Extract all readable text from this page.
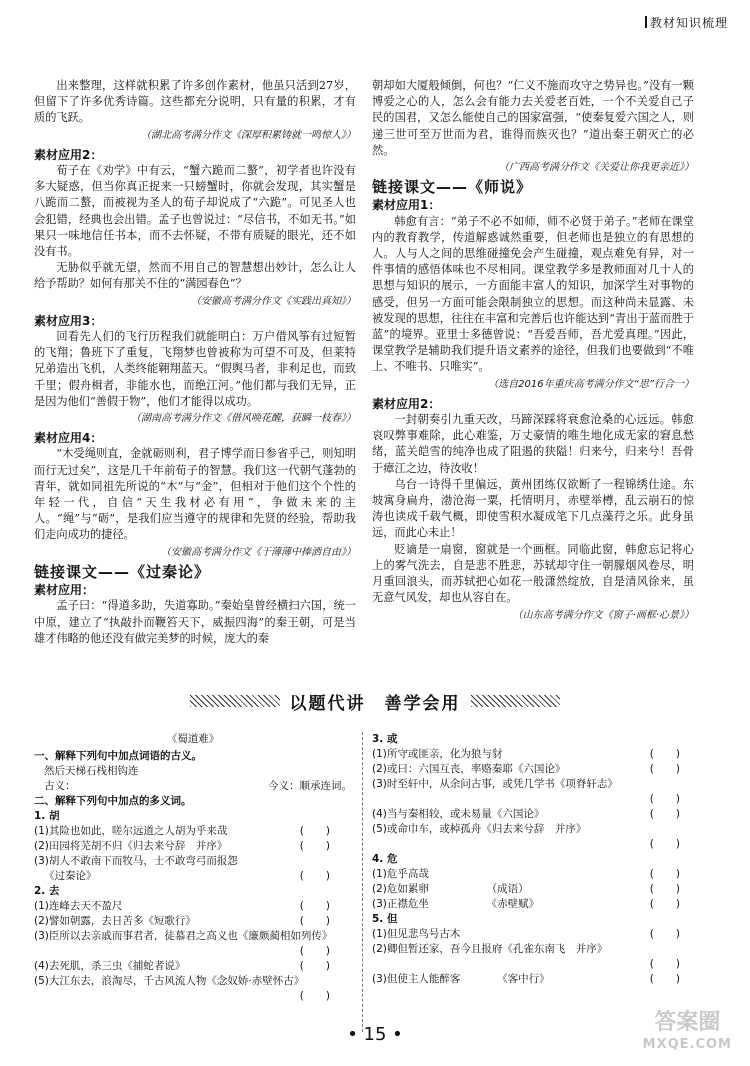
教材知识梳理

出来整理，这样就积累了许多创作素材，他虽只活到27岁，但留下了许多优秀诗篇。这些都充分说明，只有量的积累，才有质的飞跃。

（湖北高考满分作文《深厚积累铸就一鸣惊人》）
素材应用2：

荀子在《劝学》中有云，“蟹六跪而二螯”，初学者也许没有多大疑惑，但当你真正捉来一只螃蟹时，你就会发现，其实蟹是八跪而二螯，而被视为圣人的荀子却说成了“六跪”。可见圣人也会犯错，经典也会出错。孟子也曾说过：“尽信书，不如无书。”如果只一味地信任书本，而不去怀疑，不带有质疑的眼光，还不如没有书。

无胁似乎就无望，然而不用自己的智慧想出妙计，怎么让人给予帮助？如何有那关不住的“满园春色”？

（安徽高考满分作文《实践出真知》）
素材应用3：

回看先人们的飞行历程我们就能明白：万户借风筝有过短暂的飞翔；鲁班下了重复，飞翔梦也曾被称为可望不可及，但莱特兄弟造出飞机，人类终能翱翔蓝天。“假舆马者，非利足也，而致千里；假舟楫者，非能水也，而绝江河。”他们都与我们无异，正是因为他们“善假于物”，他们才能得以成功。

（湖南高考满分作文《借风唤花醒，获瞬一枝春》）
素材应用4：

“木受绳则直，金就砺则利，君子博学而日参省乎己，则知明而行无过矣”，这是几千年前荀子的智慧。我们这一代朝气蓬勃的青年，就如同祖先所说的“木”与“金”，但相对于他们这个个性的年轻一代，自信“天生我材必有用”，争做未来的主人。“绳”与“砺”，是我们应当遵守的规律和先贤的经验，帮助我们走向成功的捷径。

（安徽高考满分作文《于薄薄中捧洒自由》）
链接课文——《过秦论》
素材应用：

孟子曰：“得道多助，失道寡助。”秦始皇曾经横扫六国，统一中原，建立了“执敲扑而鞭笞天下，威振四海”的秦王朝，可是当雄才伟略的他还没有做完美梦的时候，庞大的秦

朝却如大厦般倾倒，何也？“仁义不施而攻守之势异也。”没有一颗博爱之心的人，怎么会有能力去关爱老百姓，一个不关爱自己子民的国君，又怎么能使自己的国家富强，“使秦复爱六国之人，则递三世可至万世而为君，谁得而族灭也？”道出秦王朝灭亡的必然。

（广西高考满分作文《关爱让你我更亲近》）
链接课文——《师说》
素材应用1：

韩愈有言：“弟子不必不如师，师不必贤于弟子。”老师在课堂内的教育教学，传道解惑诚然重要，但老师也是独立的有思想的人。人与人之间的思维碰撞免会产生碰撞，观点难免有异，对一件事情的感悟体味也不尽相同。课堂教学多是教师面对几十人的思想与知识的展示，一方面能丰富人的知识，加深学生对事物的感受，但另一方面可能会限制独立的思想。而这种尚未显露、未被发现的思想，往往在丰富和完善后也许能达到“青出于蓝而胜于蓝”的境界。亚里士多德曾说：“吾爱吾师，吾尤爱真理。”因此，课堂教学是辅助我们提升语文素养的途径，但我们也要做到“不唯上、不唯书、只唯实”。

（选自2016年重庆高考满分作文“思”行合一）
素材应用2：

一封朝奏引九重天改，马蹄深踩将衰愈沧桑的心远远。韩愈哀叹弊事难除，此心难鉴，万丈豪情的唯生地化成无家的窘息愁绪，蓝关皑雪的纯净也成了阻遏的狭隘！归来兮，归来兮！吾骨于瘴江之边，待汝收！

乌台一诗得千里偏远，黄州团练仅欲断了一程锦绣仕途。东坡寓身扁舟，渤沧海一粟，托情明月，赤壁举樽，乱云崩石的惊涛也读成千载气概，即使雪积水凝成笔下几点藻荇之乐。此身虽远，而此心未止！

贬谪是一扇窗，窗就是一个画框。同临此窗，韩愈忘记将心上的雾气洗去，自是悲不胜悲，苏轼却守住一朝朦烟风卷尽，明月重回浪头，而苏轼把心如花一般潇然绽放，自是清风徐来，虽无意气风发，却也从容自在。

（山东高考满分作文《窗子·画框·心景》）
以题代讲　善学会用
《蜀道难》
一、解释下列句中加点词语的古义。
然后天梯石栈相钩连
古义：	今义：顺承连词。
二、解释下列句中加点的多义词。
1. 胡
(1)其险也如此，嗟尔远道之人胡为乎来哉	()
(2)田园将芜胡不归《归去来兮辞　并序》	()
(3)胡人不敢南下而牧马，士不敢弯弓而报怨
《过秦论》	()
2. 去
(1)连峰去天不盈尺	()
(2)譬如朝露，去日苦多《短歌行》	()
(3)臣所以去亲戚而事君者，徒慕君之高义也《廉颇蔺相如列传》
()
(4)去死肌，杀三虫《捕蛇者说》	()
(5)大江东去，浪淘尽，千古风流人物《念奴娇·赤壁怀古》
()
3. 或
(1)所守或匪亲，化为狼与豺	()
(2)或曰：六国互丧，率赂秦耶《六国论》	()
(3)时至轩中，从余问古事，或凭几学书《项脊轩志》
()
(4)当与秦相较，或未易量《六国论》	()
(5)或命巾车，或棹孤舟《归去来兮辞　并序》
()
4. 危
(1)危乎高哉	()
(2)危如累卵　　　　　　	（成语）	()
(3)正襟危坐　　　　　　	《赤壁赋》	()
5. 但
(1)但见悲鸟号古木	()
(2)卿但暂还家，吾今且报府《孔雀东南飞　并序》
()
(3)但使主人能醉客　　　　	《客中行》	()
• 15 •	答案圈
MXQE.COM
